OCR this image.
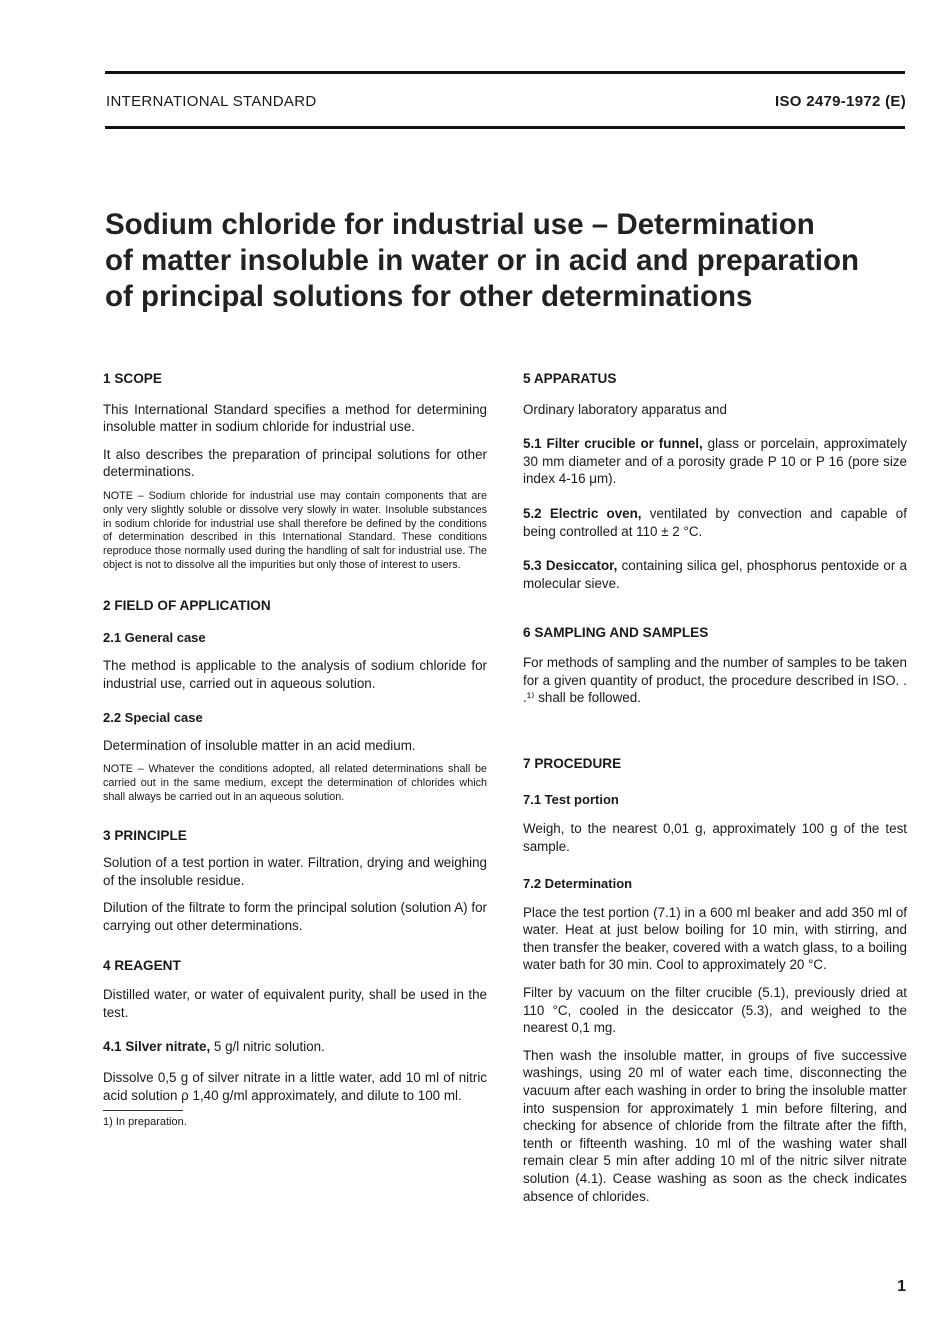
INTERNATIONAL STANDARD	ISO 2479-1972 (E)
Sodium chloride for industrial use – Determination
of matter insoluble in water or in acid and preparation
of principal solutions for other determinations

1 SCOPE

This International Standard specifies a method for determining insoluble matter in sodium chloride for industrial use.

It also describes the preparation of principal solutions for other determinations.

NOTE – Sodium chloride for industrial use may contain components that are only very slightly soluble or dissolve very slowly in water. Insoluble substances in sodium chloride for industrial use shall therefore be defined by the conditions of determination described in this International Standard. These conditions reproduce those normally used during the handling of salt for industrial use. The object is not to dissolve all the impurities but only those of interest to users.

2 FIELD OF APPLICATION

2.1 General case

The method is applicable to the analysis of sodium chloride for industrial use, carried out in aqueous solution.

2.2 Special case

Determination of insoluble matter in an acid medium.

NOTE – Whatever the conditions adopted, all related determinations shall be carried out in the same medium, except the determination of chlorides which shall always be carried out in an aqueous solution.

3 PRINCIPLE

Solution of a test portion in water. Filtration, drying and weighing of the insoluble residue.

Dilution of the filtrate to form the principal solution (solution A) for carrying out other determinations.

4 REAGENT

Distilled water, or water of equivalent purity, shall be used in the test.

4.1 Silver nitrate, 5 g/l nitric solution.

Dissolve 0,5 g of silver nitrate in a little water, add 10 ml of nitric acid solution ρ 1,40 g/ml approximately, and dilute to 100 ml.

1) In preparation.

5 APPARATUS

Ordinary laboratory apparatus and

5.1 Filter crucible or funnel, glass or porcelain, approximately 30 mm diameter and of a porosity grade P 10 or P 16 (pore size index 4-16 μm).

5.2 Electric oven, ventilated by convection and capable of being controlled at 110 ± 2 °C.

5.3 Desiccator, containing silica gel, phosphorus pentoxide or a molecular sieve.

6 SAMPLING AND SAMPLES

For methods of sampling and the number of samples to be taken for a given quantity of product, the procedure described in ISO. . .¹⁾ shall be followed.

7 PROCEDURE

7.1 Test portion

Weigh, to the nearest 0,01 g, approximately 100 g of the test sample.

7.2 Determination

Place the test portion (7.1) in a 600 ml beaker and add 350 ml of water. Heat at just below boiling for 10 min, with stirring, and then transfer the beaker, covered with a watch glass, to a boiling water bath for 30 min. Cool to approximately 20 °C.

Filter by vacuum on the filter crucible (5.1), previously dried at 110 °C, cooled in the desiccator (5.3), and weighed to the nearest 0,1 mg.

Then wash the insoluble matter, in groups of five successive washings, using 20 ml of water each time, disconnecting the vacuum after each washing in order to bring the insoluble matter into suspension for approximately 1 min before filtering, and checking for absence of chloride from the filtrate after the fifth, tenth or fifteenth washing. 10 ml of the washing water shall remain clear 5 min after adding 10 ml of the nitric silver nitrate solution (4.1). Cease washing as soon as the check indicates absence of chlorides.

1
